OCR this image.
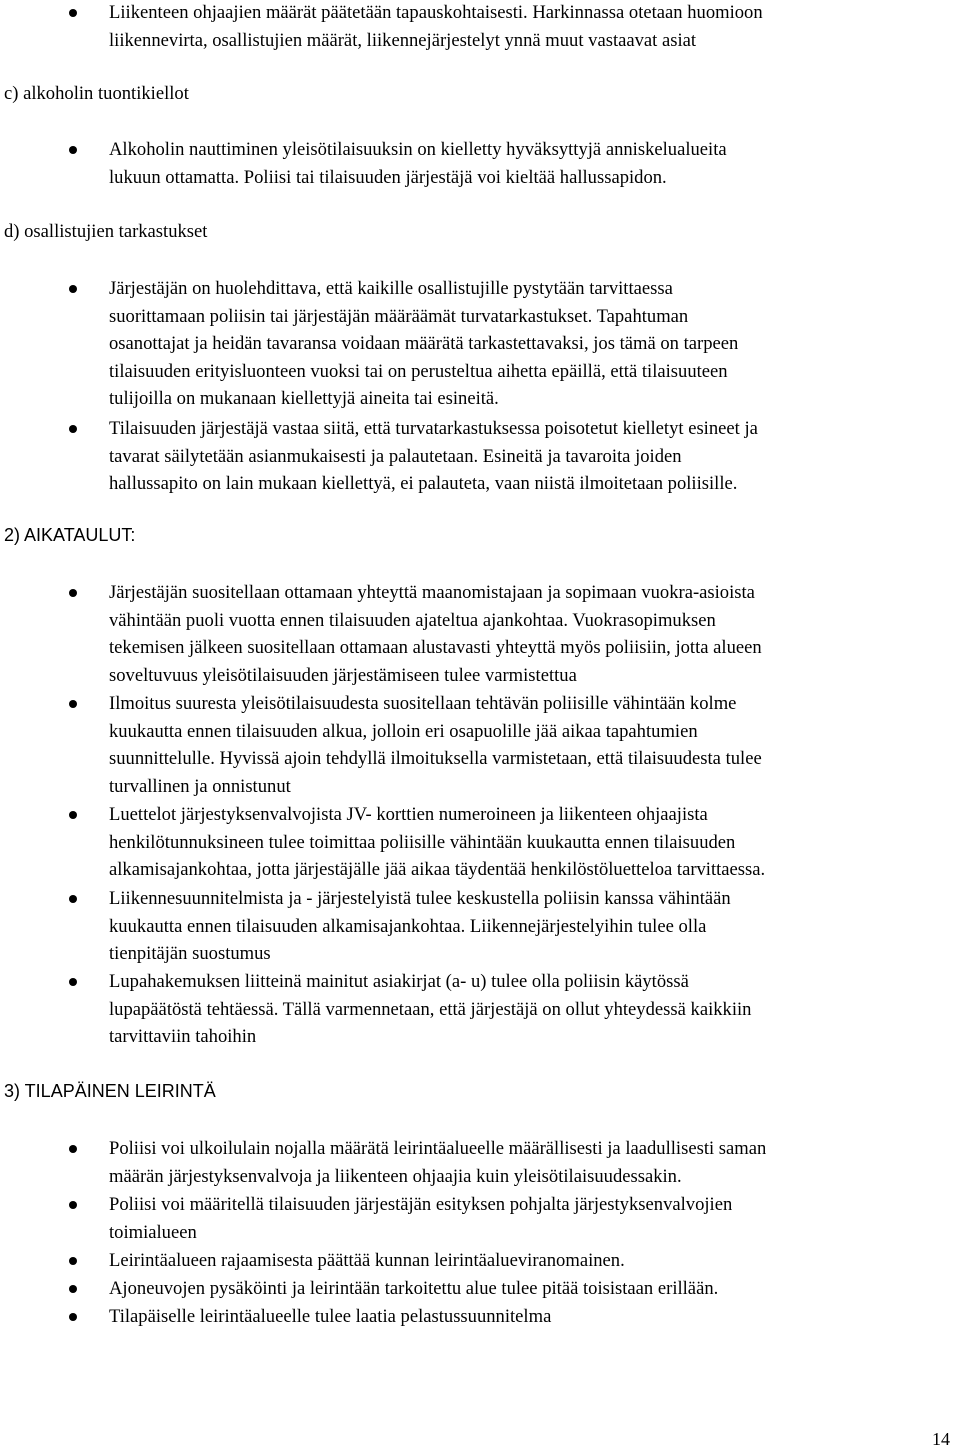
Liikenteen ohjaajien määrät päätetään tapauskohtaisesti. Harkinnassa otetaan huomioon
liikennevirta, osallistujien määrät, liikennejärjestelyt ynnä muut vastaavat asiat

c) alkoholin tuontikiellot

Alkoholin nauttiminen yleisötilaisuuksin on kielletty hyväksyttyjä anniskelualueita
lukuun ottamatta. Poliisi tai tilaisuuden järjestäjä voi kieltää hallussapidon.

d) osallistujien tarkastukset

Järjestäjän on huolehdittava, että kaikille osallistujille pystytään tarvittaessa
suorittamaan poliisin tai järjestäjän määräämät turvatarkastukset. Tapahtuman
osanottajat ja heidän tavaransa voidaan määrätä tarkastettavaksi, jos tämä on tarpeen
tilaisuuden erityisluonteen vuoksi tai on perusteltua aihetta epäillä, että tilaisuuteen
tulijoilla on mukanaan kiellettyjä aineita tai esineitä.

Tilaisuuden järjestäjä vastaa siitä, että turvatarkastuksessa poisotetut kielletyt esineet ja
tavarat säilytetään asianmukaisesti ja palautetaan. Esineitä ja tavaroita joiden
hallussapito on lain mukaan kiellettyä, ei palauteta, vaan niistä ilmoitetaan poliisille.

2) AIKATAULUT:

Järjestäjän suositellaan ottamaan yhteyttä maanomistajaan ja sopimaan vuokra-asioista
vähintään puoli vuotta ennen tilaisuuden ajateltua ajankohtaa. Vuokrasopimuksen
tekemisen jälkeen suositellaan ottamaan alustavasti yhteyttä myös poliisiin, jotta alueen
soveltuvuus yleisötilaisuuden järjestämiseen tulee varmistettua

Ilmoitus suuresta yleisötilaisuudesta suositellaan tehtävän poliisille vähintään kolme
kuukautta ennen tilaisuuden alkua, jolloin eri osapuolille jää aikaa tapahtumien
suunnittelulle. Hyvissä ajoin tehdyllä ilmoituksella varmistetaan, että tilaisuudesta tulee
turvallinen ja onnistunut

Luettelot järjestyksenvalvojista JV- korttien numeroineen ja liikenteen ohjaajista
henkilötunnuksineen tulee toimittaa poliisille vähintään kuukautta ennen tilaisuuden
alkamisajankohtaa, jotta järjestäjälle jää aikaa täydentää henkilöstöluetteloa tarvittaessa.

Liikennesuunnitelmista ja - järjestelyistä tulee keskustella poliisin kanssa vähintään
kuukautta ennen tilaisuuden alkamisajankohtaa. Liikennejärjestelyihin tulee olla
tienpitäjän suostumus

Lupahakemuksen liitteinä mainitut asiakirjat (a- u) tulee olla poliisin käytössä
lupapäätöstä tehtäessä. Tällä varmennetaan, että järjestäjä on ollut yhteydessä kaikkiin
tarvittaviin tahoihin

3) TILAPÄINEN LEIRINTÄ

Poliisi voi ulkoilulain nojalla määrätä leirintäalueelle määrällisesti ja laadullisesti saman
määrän järjestyksenvalvoja ja liikenteen ohjaajia kuin yleisötilaisuudessakin.

Poliisi voi määritellä tilaisuuden järjestäjän esityksen pohjalta järjestyksenvalvojien
toimialueen

Leirintäalueen rajaamisesta päättää kunnan leirintäalueviranomainen.

Ajoneuvojen pysäköinti ja leirintään tarkoitettu alue tulee pitää toisistaan erillään.

Tilapäiselle leirintäalueelle tulee laatia pelastussuunnitelma

14
